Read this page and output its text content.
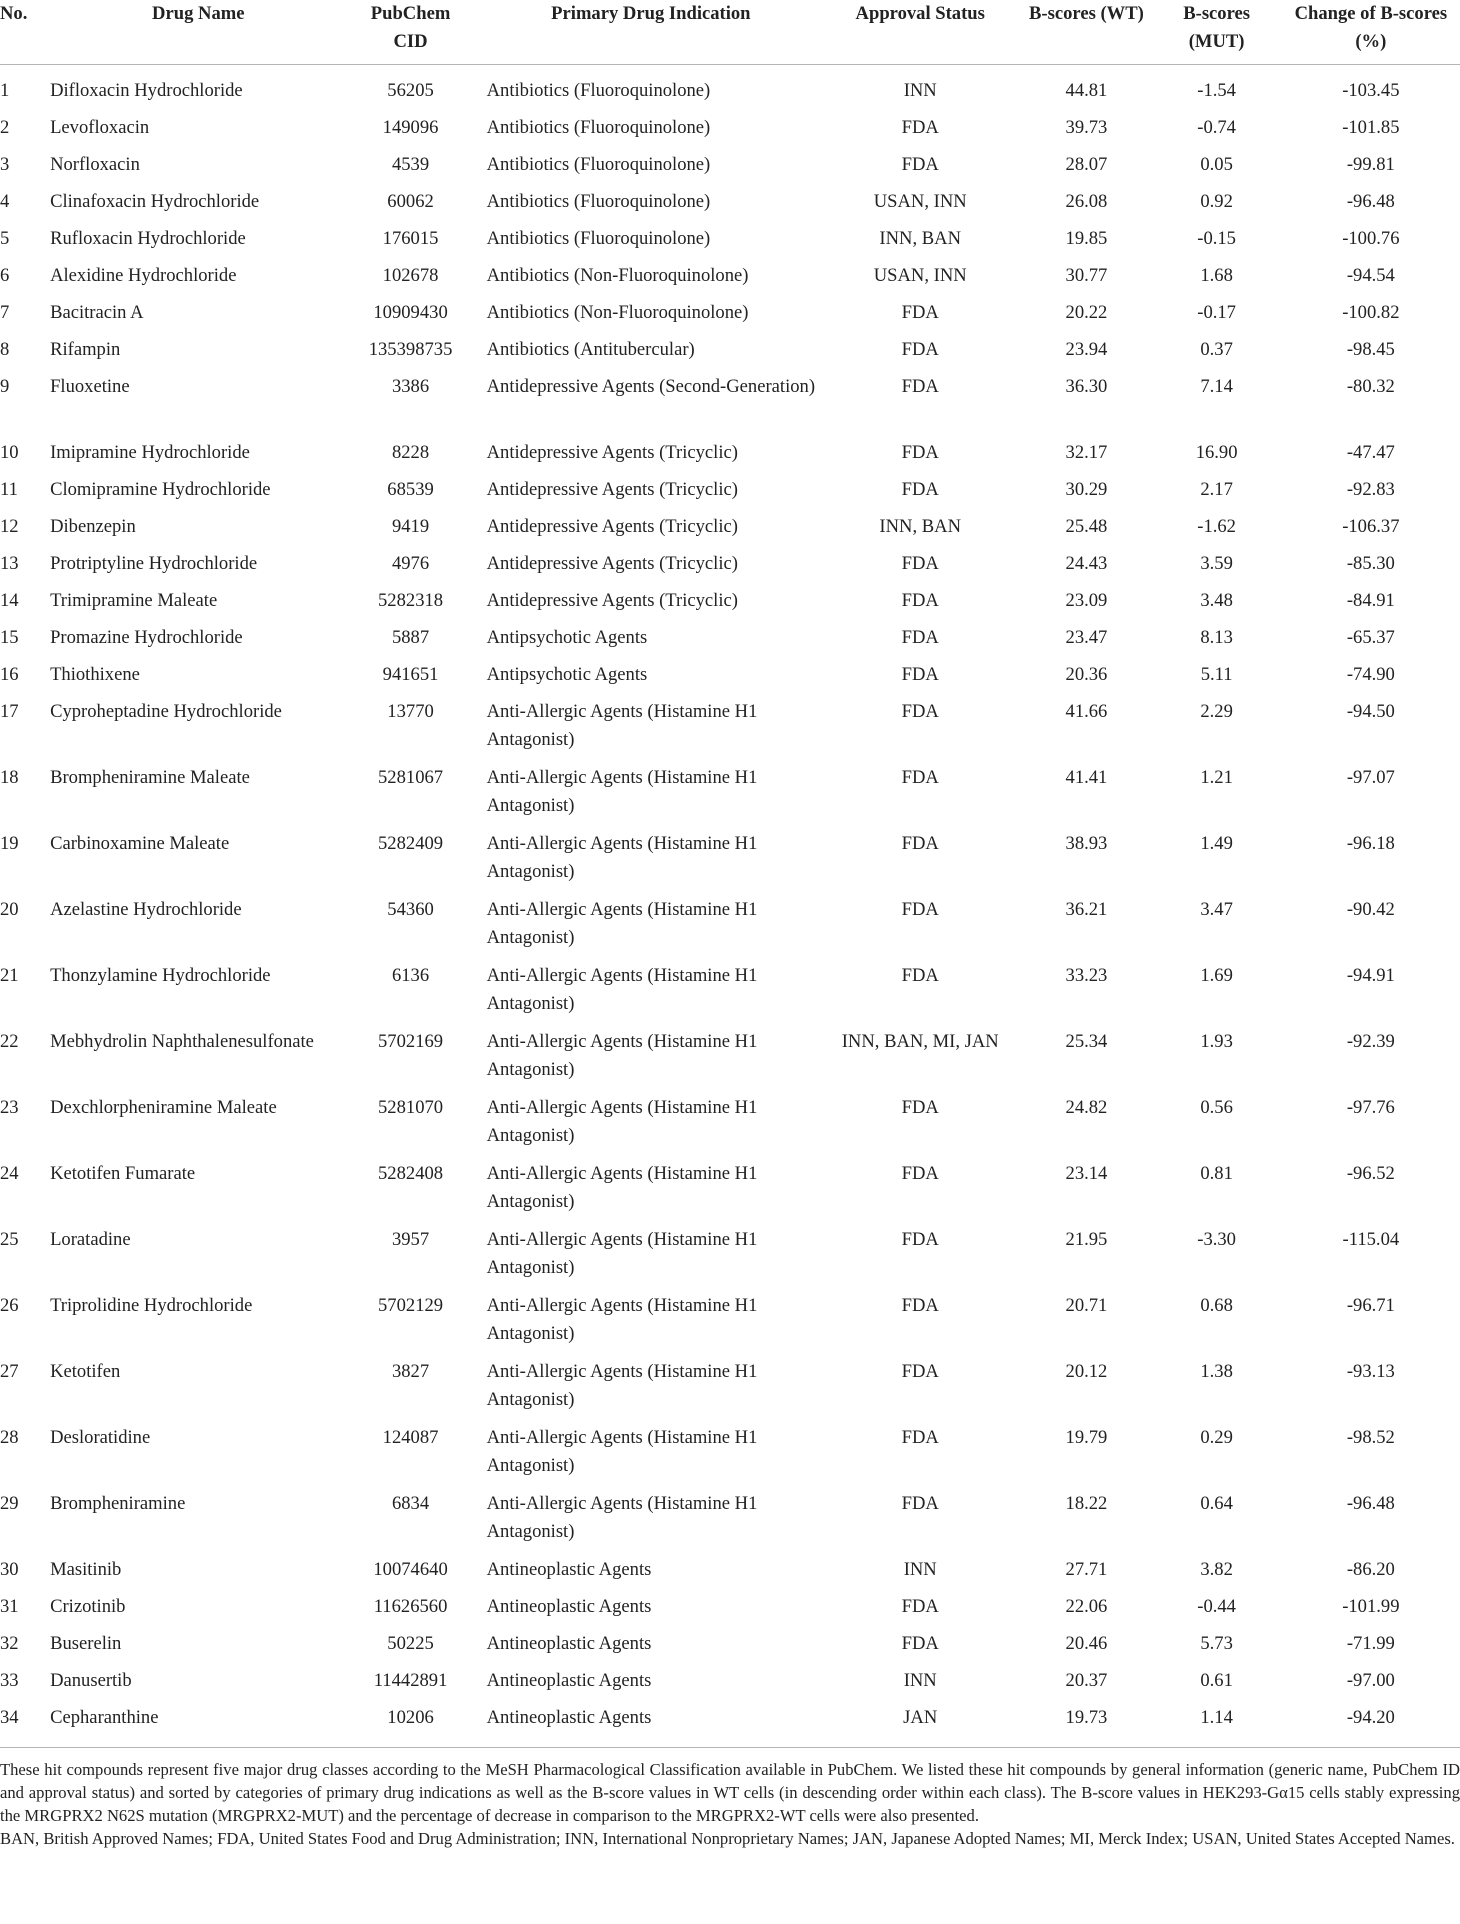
No.	Drug Name	PubChem CID	Primary Drug Indication	Approval Status	B-scores (WT)	B-scores (MUT)	Change of B-scores (%)
1	Difloxacin Hydrochloride	56205	Antibiotics (Fluoroquinolone)	INN	44.81	-1.54	-103.45
2	Levofloxacin	149096	Antibiotics (Fluoroquinolone)	FDA	39.73	-0.74	-101.85
3	Norfloxacin	4539	Antibiotics (Fluoroquinolone)	FDA	28.07	0.05	-99.81
4	Clinafoxacin Hydrochloride	60062	Antibiotics (Fluoroquinolone)	USAN, INN	26.08	0.92	-96.48
5	Rufloxacin Hydrochloride	176015	Antibiotics (Fluoroquinolone)	INN, BAN	19.85	-0.15	-100.76
6	Alexidine Hydrochloride	102678	Antibiotics (Non-Fluoroquinolone)	USAN, INN	30.77	1.68	-94.54
7	Bacitracin A	10909430	Antibiotics (Non-Fluoroquinolone)	FDA	20.22	-0.17	-100.82
8	Rifampin	135398735	Antibiotics (Antitubercular)	FDA	23.94	0.37	-98.45
9	Fluoxetine	3386	Antidepressive Agents (Second-Generation)	FDA	36.30	7.14	-80.32
10	Imipramine Hydrochloride	8228	Antidepressive Agents (Tricyclic)	FDA	32.17	16.90	-47.47
11	Clomipramine Hydrochloride	68539	Antidepressive Agents (Tricyclic)	FDA	30.29	2.17	-92.83
12	Dibenzepin	9419	Antidepressive Agents (Tricyclic)	INN, BAN	25.48	-1.62	-106.37
13	Protriptyline Hydrochloride	4976	Antidepressive Agents (Tricyclic)	FDA	24.43	3.59	-85.30
14	Trimipramine Maleate	5282318	Antidepressive Agents (Tricyclic)	FDA	23.09	3.48	-84.91
15	Promazine Hydrochloride	5887	Antipsychotic Agents	FDA	23.47	8.13	-65.37
16	Thiothixene	941651	Antipsychotic Agents	FDA	20.36	5.11	-74.90
17	Cyproheptadine Hydrochloride	13770	Anti-Allergic Agents (Histamine H1 Antagonist)	FDA	41.66	2.29	-94.50
18	Brompheniramine Maleate	5281067	Anti-Allergic Agents (Histamine H1 Antagonist)	FDA	41.41	1.21	-97.07
19	Carbinoxamine Maleate	5282409	Anti-Allergic Agents (Histamine H1 Antagonist)	FDA	38.93	1.49	-96.18
20	Azelastine Hydrochloride	54360	Anti-Allergic Agents (Histamine H1 Antagonist)	FDA	36.21	3.47	-90.42
21	Thonzylamine Hydrochloride	6136	Anti-Allergic Agents (Histamine H1 Antagonist)	FDA	33.23	1.69	-94.91
22	Mebhydrolin Naphthalenesulfonate	5702169	Anti-Allergic Agents (Histamine H1 Antagonist)	INN, BAN, MI, JAN	25.34	1.93	-92.39
23	Dexchlorpheniramine Maleate	5281070	Anti-Allergic Agents (Histamine H1 Antagonist)	FDA	24.82	0.56	-97.76
24	Ketotifen Fumarate	5282408	Anti-Allergic Agents (Histamine H1 Antagonist)	FDA	23.14	0.81	-96.52
25	Loratadine	3957	Anti-Allergic Agents (Histamine H1 Antagonist)	FDA	21.95	-3.30	-115.04
26	Triprolidine Hydrochloride	5702129	Anti-Allergic Agents (Histamine H1 Antagonist)	FDA	20.71	0.68	-96.71
27	Ketotifen	3827	Anti-Allergic Agents (Histamine H1 Antagonist)	FDA	20.12	1.38	-93.13
28	Desloratidine	124087	Anti-Allergic Agents (Histamine H1 Antagonist)	FDA	19.79	0.29	-98.52
29	Brompheniramine	6834	Anti-Allergic Agents (Histamine H1 Antagonist)	FDA	18.22	0.64	-96.48
30	Masitinib	10074640	Antineoplastic Agents	INN	27.71	3.82	-86.20
31	Crizotinib	11626560	Antineoplastic Agents	FDA	22.06	-0.44	-101.99
32	Buserelin	50225	Antineoplastic Agents	FDA	20.46	5.73	-71.99
33	Danusertib	11442891	Antineoplastic Agents	INN	20.37	0.61	-97.00
34	Cepharanthine	10206	Antineoplastic Agents	JAN	19.73	1.14	-94.20

These hit compounds represent five major drug classes according to the MeSH Pharmacological Classification available in PubChem. We listed these hit compounds by general information (generic name, PubChem ID and approval status) and sorted by categories of primary drug indications as well as the B-score values in WT cells (in descending order within each class). The B-score values in HEK293-Gα15 cells stably expressing the MRGPRX2 N62S mutation (MRGPRX2-MUT) and the percentage of decrease in comparison to the MRGPRX2-WT cells were also presented.

BAN, British Approved Names; FDA, United States Food and Drug Administration; INN, International Nonproprietary Names; JAN, Japanese Adopted Names; MI, Merck Index; USAN, United States Accepted Names.
